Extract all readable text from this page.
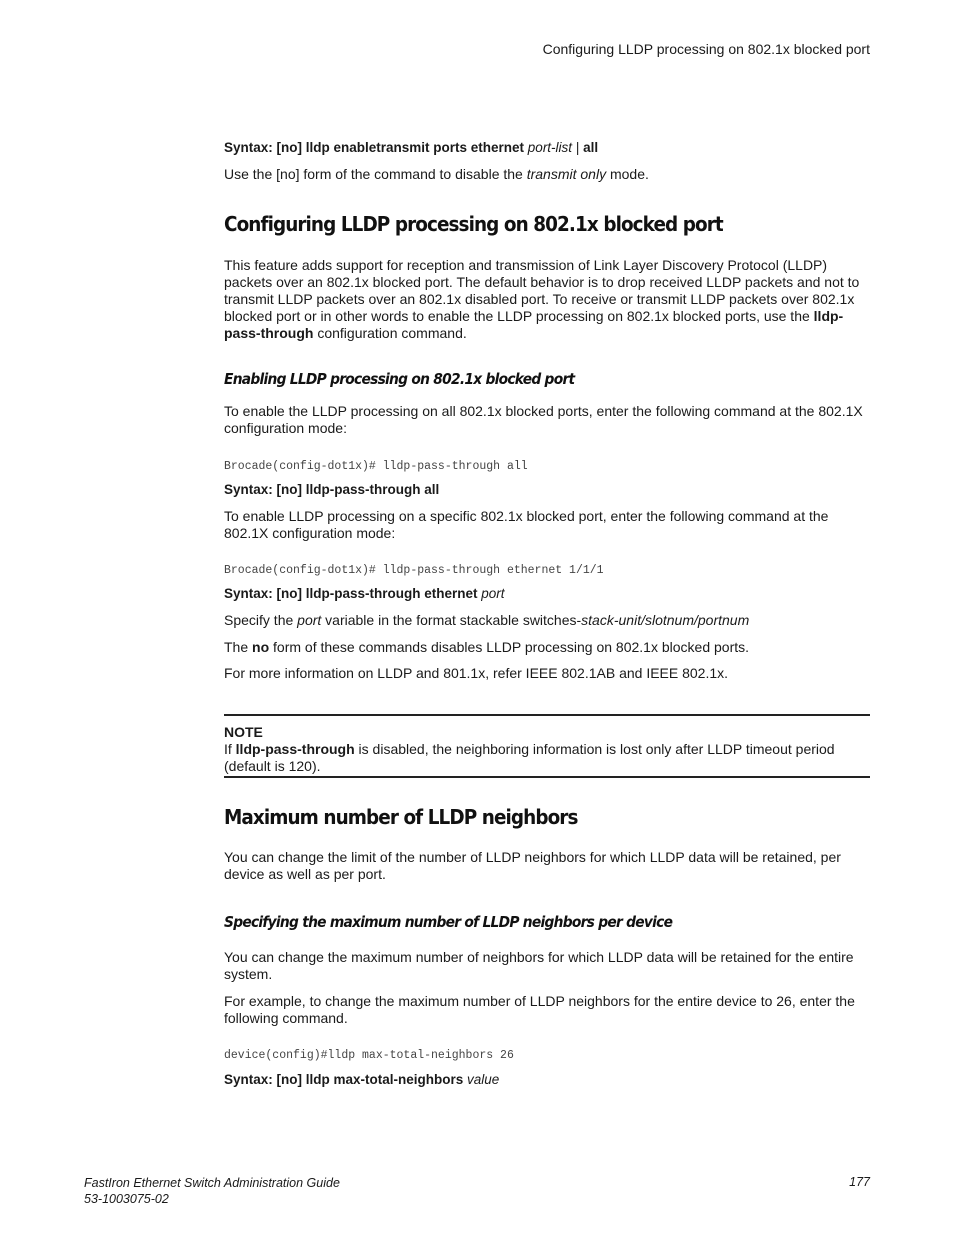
Configuring LLDP processing on 802.1x blocked port

Syntax: [no] lldp enabletransmit ports ethernet port-list | all

Use the [no] form of the command to disable the transmit only mode.

Configuring LLDP processing on 802.1x blocked port

This feature adds support for reception and transmission of Link Layer Discovery Protocol (LLDP) packets over an 802.1x blocked port. The default behavior is to drop received LLDP packets and not to transmit LLDP packets over an 802.1x disabled port. To receive or transmit LLDP packets over 802.1x blocked port or in other words to enable the LLDP processing on 802.1x blocked ports, use the lldp-pass-through configuration command.

Enabling LLDP processing on 802.1x blocked port

To enable the LLDP processing on all 802.1x blocked ports, enter the following command at the 802.1X configuration mode:

Brocade(config-dot1x)# lldp-pass-through all

Syntax: [no] lldp-pass-through all

To enable LLDP processing on a specific 802.1x blocked port, enter the following command at the 802.1X configuration mode:

Brocade(config-dot1x)# lldp-pass-through ethernet 1/1/1

Syntax: [no] lldp-pass-through ethernet port

Specify the port variable in the format stackable switches-stack-unit/slotnum/portnum

The no form of these commands disables LLDP processing on 802.1x blocked ports.

For more information on LLDP and 801.1x, refer IEEE 802.1AB and IEEE 802.1x.

NOTE
If lldp-pass-through is disabled, the neighboring information is lost only after LLDP timeout period (default is 120).
Maximum number of LLDP neighbors

You can change the limit of the number of LLDP neighbors for which LLDP data will be retained, per device as well as per port.

Specifying the maximum number of LLDP neighbors per device

You can change the maximum number of neighbors for which LLDP data will be retained for the entire system.

For example, to change the maximum number of LLDP neighbors for the entire device to 26, enter the following command.

device(config)#lldp max-total-neighbors 26

Syntax: [no] lldp max-total-neighbors value

FastIron Ethernet Switch Administration Guide
53-1003075-02
177
